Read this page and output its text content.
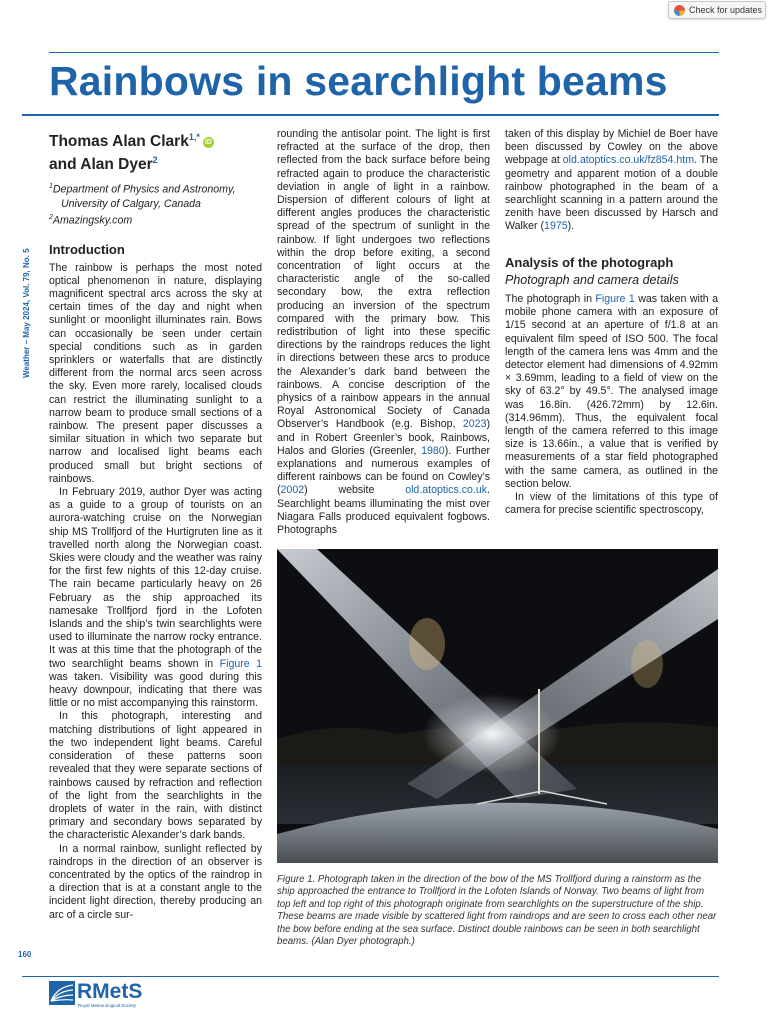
Check for updates
Rainbows in searchlight beams
Weather – May 2024, Vol. 79, No. 5
160
Thomas Alan Clark$^{1,*}$iD
and Alan Dyer$^2$
$^1$Department of Physics and Astronomy,
University of Calgary, Canada
$^2$Amazingsky.com
Introduction

The rainbow is perhaps the most noted optical phenomenon in nature, displaying magnificent spectral arcs across the sky at certain times of the day and night when sunlight or moonlight illuminates rain. Bows can occasionally be seen under certain special conditions such as in garden sprinklers or waterfalls that are distinctly different from the normal arcs seen across the sky. Even more rarely, localised clouds can restrict the illuminating sunlight to a narrow beam to produce small sections of a rainbow. The present paper discusses a similar situation in which two separate but narrow and localised light beams each produced small but bright sections of rainbows.

In February 2019, author Dyer was acting as a guide to a group of tourists on an aurora-watching cruise on the Norwegian ship MS Trollfjord of the Hurtigruten line as it travelled north along the Norwegian coast. Skies were cloudy and the weather was rainy for the first few nights of this 12-day cruise. The rain became particularly heavy on 26 February as the ship approached its namesake Trollfjord fjord in the Lofoten Islands and the ship’s twin searchlights were used to illuminate the narrow rocky entrance. It was at this time that the photograph of the two searchlight beams shown in Figure 1 was taken. Visibility was good during this heavy downpour, indicating that there was little or no mist accompanying this rainstorm.

In this photograph, interesting and matching distributions of light appeared in the two independent light beams. Careful consideration of these patterns soon revealed that they were separate sections of rainbows caused by refraction and reflection of the light from the searchlights in the droplets of water in the rain, with distinct primary and secondary bows separated by the characteristic Alexander’s dark bands.

In a normal rainbow, sunlight reflected by raindrops in the direction of an observer is concentrated by the optics of the raindrop in a direction that is at a constant angle to the incident light direction, thereby producing an arc of a circle sur-

rounding the antisolar point. The light is first refracted at the surface of the drop, then reflected from the back surface before being refracted again to produce the characteristic deviation in angle of light in a rainbow. Dispersion of different colours of light at different angles produces the characteristic spread of the spectrum of sunlight in the rainbow. If light undergoes two reflections within the drop before exiting, a second concentration of light occurs at the characteristic angle of the so-called secondary bow, the extra reflection producing an inversion of the spectrum compared with the primary bow. This redistribution of light into these specific directions by the raindrops reduces the light in directions between these arcs to produce the Alexander’s dark band between the rainbows. A concise description of the physics of a rainbow appears in the annual Royal Astronomical Society of Canada Observer’s Handbook (e.g. Bishop, 2023) and in Robert Greenler’s book, Rainbows, Halos and Glories (Greenler, 1980). Further explanations and numerous examples of different rainbows can be found on Cowley’s (2002) website old.atoptics.co.uk. Searchlight beams illuminating the mist over Niagara Falls produced equivalent fogbows. Photographs

taken of this display by Michiel de Boer have been discussed by Cowley on the above webpage at old.atoptics.co.uk/fz854.htm. The geometry and apparent motion of a double rainbow photographed in the beam of a searchlight scanning in a pattern around the zenith have been discussed by Harsch and Walker (1975).

Analysis of the photograph
Photograph and camera details

The photograph in Figure 1 was taken with a mobile phone camera with an exposure of 1/15 second at an aperture of f/1.8 at an equivalent film speed of ISO 500. The focal length of the camera lens was 4mm and the detector element had dimensions of 4.92mm × 3.69mm, leading to a field of view on the sky of 63.2° by 49.5°. The analysed image was 16.8in. (426.72mm) by 12.6in. (314.96mm). Thus, the equivalent focal length of the camera referred to this image size is 13.66in., a value that is verified by measurements of a star field photographed with the same camera, as outlined in the section below.

In view of the limitations of this type of camera for precise scientific spectroscopy,

Figure 1. Photograph taken in the direction of the bow of the MS Trollfjord during a rainstorm as the ship approached the entrance to Trollfjord in the Lofoten Islands of Norway. Two beams of light from top left and top right of this photograph originate from searchlights on the superstructure of the ship. These beams are made visible by scattered light from raindrops and are seen to cross each other near the bow before ending at the sea surface. Distinct double rainbows can be seen in both searchlight beams. (Alan Dyer photograph.)

RMetS
Royal Meteorological Society
